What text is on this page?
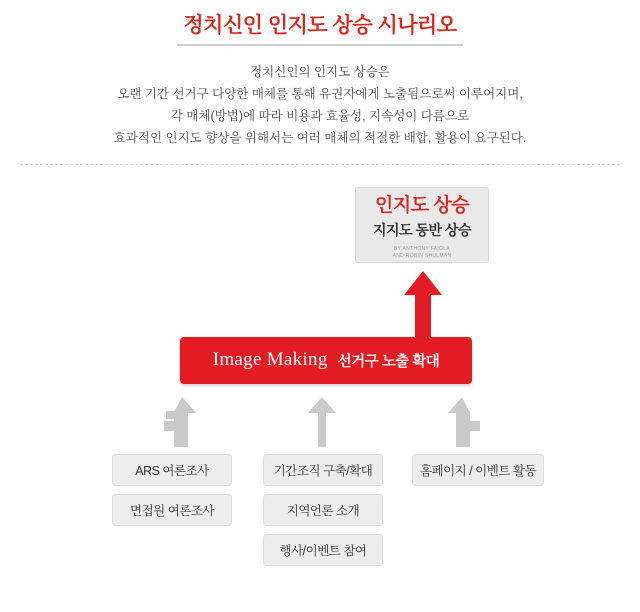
정치신인 인지도 상승 시나리오
정치신인의 인지도 상승은
오랜 기간 선거구 다양한 매체를 통해 유권자에게 노출됨으로써 이루어지며,
각 매체(방법)에 따라 비용과 효율성, 지속성이 다름으로
효과적인 인지도 향상을 위해서는 여러 매체의 적절한 배합, 활용이 요구된다.
인지도 상승
지지도 동반 상승
BY ANTHONY FAIOLA
AND ROBIN SHULMAN
Image Making 선거구 노출 확대
ARS 여론조사
면접원 여론조사
기간조직 구축/확대
지역언론 소개
행사/이벤트 참여
홈페이지 / 이벤트 활동
